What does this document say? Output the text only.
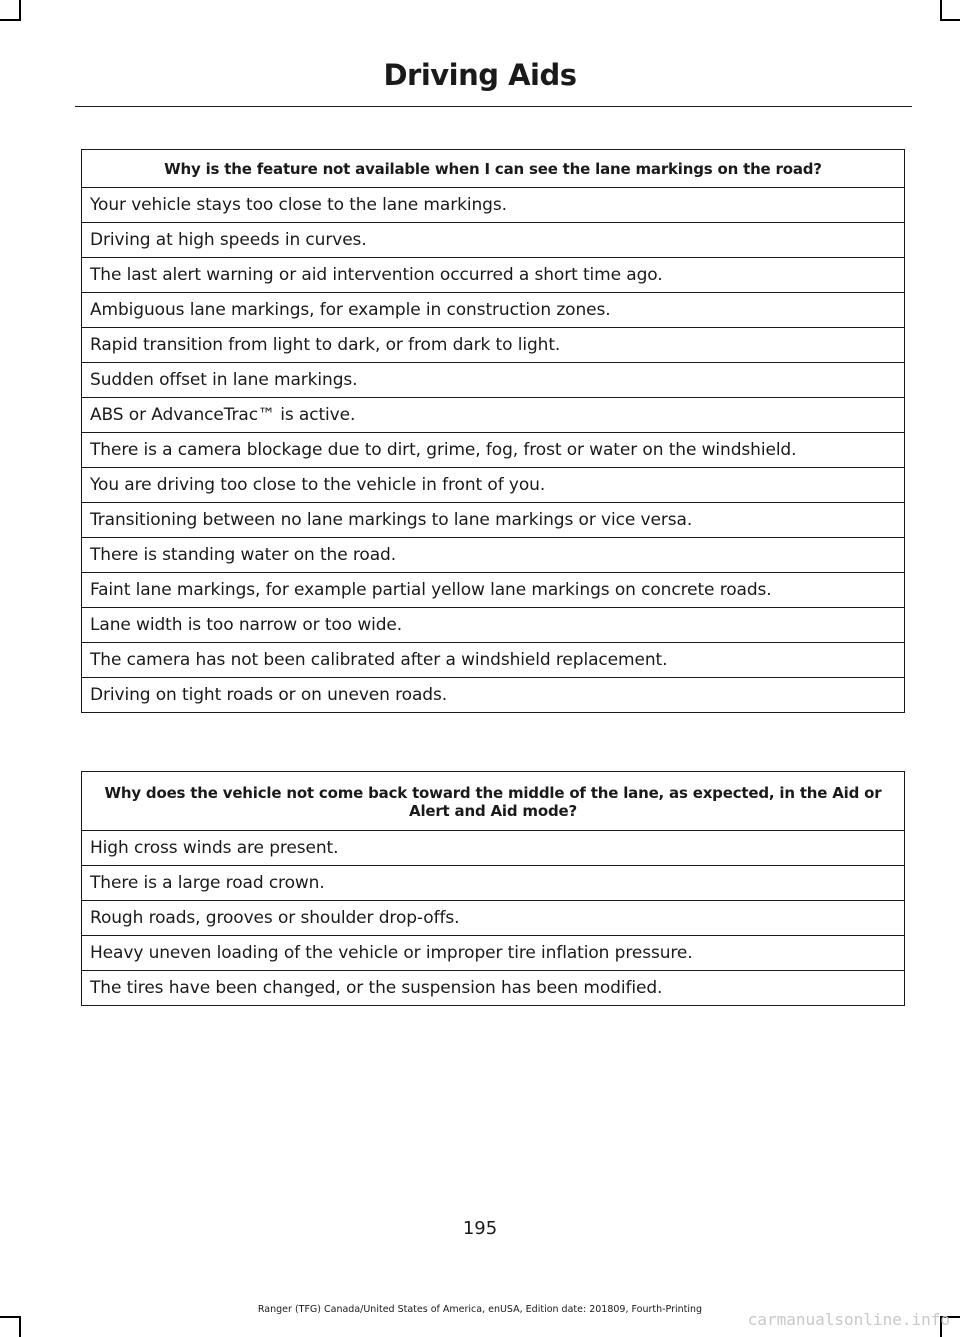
Driving Aids
Why is the feature not available when I can see the lane markings on the road?
Your vehicle stays too close to the lane markings.
Driving at high speeds in curves.
The last alert warning or aid intervention occurred a short time ago.
Ambiguous lane markings, for example in construction zones.
Rapid transition from light to dark, or from dark to light.
Sudden offset in lane markings.
ABS or AdvanceTrac™ is active.
There is a camera blockage due to dirt, grime, fog, frost or water on the windshield.
You are driving too close to the vehicle in front of you.
Transitioning between no lane markings to lane markings or vice versa.
There is standing water on the road.
Faint lane markings, for example partial yellow lane markings on concrete roads.
Lane width is too narrow or too wide.
The camera has not been calibrated after a windshield replacement.
Driving on tight roads or on uneven roads.
Why does the vehicle not come back toward the middle of the lane, as expected, in the Aid or Alert and Aid mode?
High cross winds are present.
There is a large road crown.
Rough roads, grooves or shoulder drop-offs.
Heavy uneven loading of the vehicle or improper tire inflation pressure.
The tires have been changed, or the suspension has been modified.
195
Ranger (TFG) Canada/United States of America, enUSA, Edition date: 201809, Fourth-Printing
carmanualsonline.info
